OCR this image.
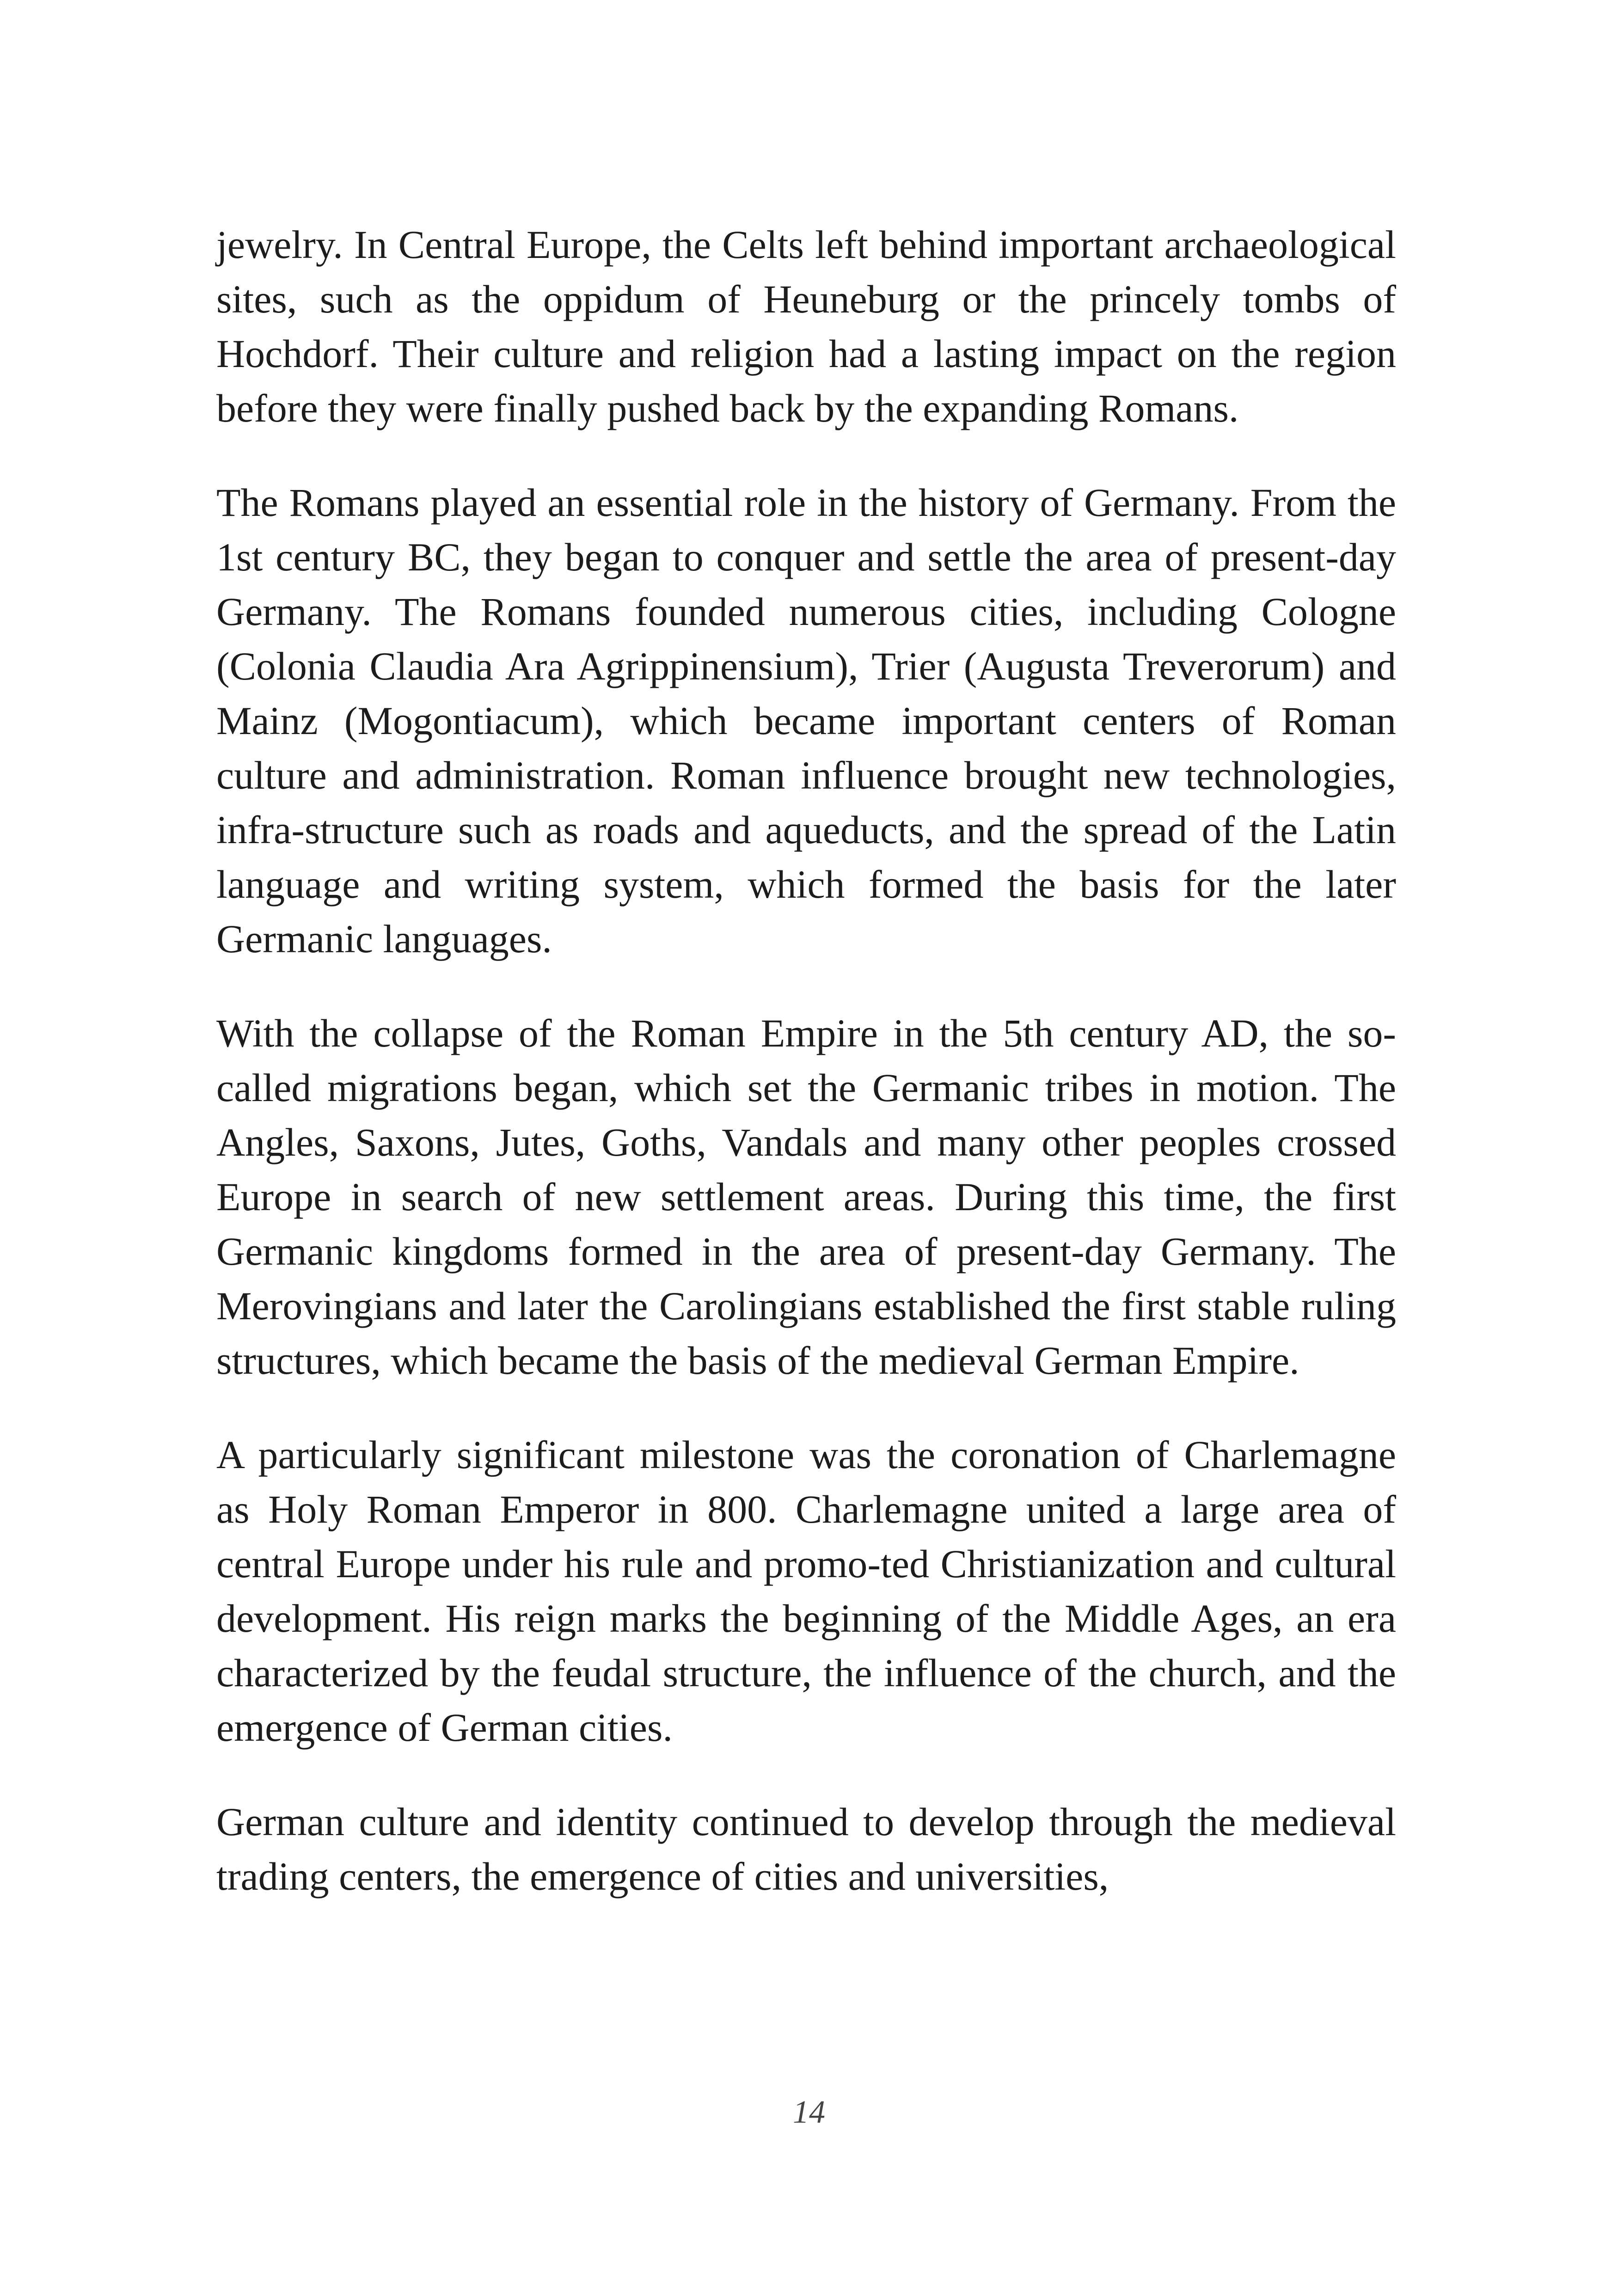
jewelry. In Central Europe, the Celts left behind important archaeological sites, such as the oppidum of Heuneburg or the princely tombs of Hochdorf. Their culture and religion had a lasting impact on the region before they were finally pushed back by the expanding Romans.

The Romans played an essential role in the history of Germany. From the 1st century BC, they began to conquer and settle the area of present-day Germany. The Romans founded numerous cities, including Cologne (Colonia Claudia Ara Agrippinensium), Trier (Augusta Treverorum) and Mainz (Mogontiacum), which became important centers of Roman culture and administration. Roman influence brought new technologies, infra-structure such as roads and aqueducts, and the spread of the Latin language and writing system, which formed the basis for the later Germanic languages.

With the collapse of the Roman Empire in the 5th century AD, the so-called migrations began, which set the Germanic tribes in motion. The Angles, Saxons, Jutes, Goths, Vandals and many other peoples crossed Europe in search of new settlement areas. During this time, the first Germanic kingdoms formed in the area of present-day Germany. The Merovingians and later the Carolingians established the first stable ruling structures, which became the basis of the medieval German Empire.

A particularly significant milestone was the coronation of Charlemagne as Holy Roman Emperor in 800. Charlemagne united a large area of central Europe under his rule and promo-ted Christianization and cultural development. His reign marks the beginning of the Middle Ages, an era characterized by the feudal structure, the influence of the church, and the emergence of German cities.

German culture and identity continued to develop through the medieval trading centers, the emergence of cities and universities,

14
